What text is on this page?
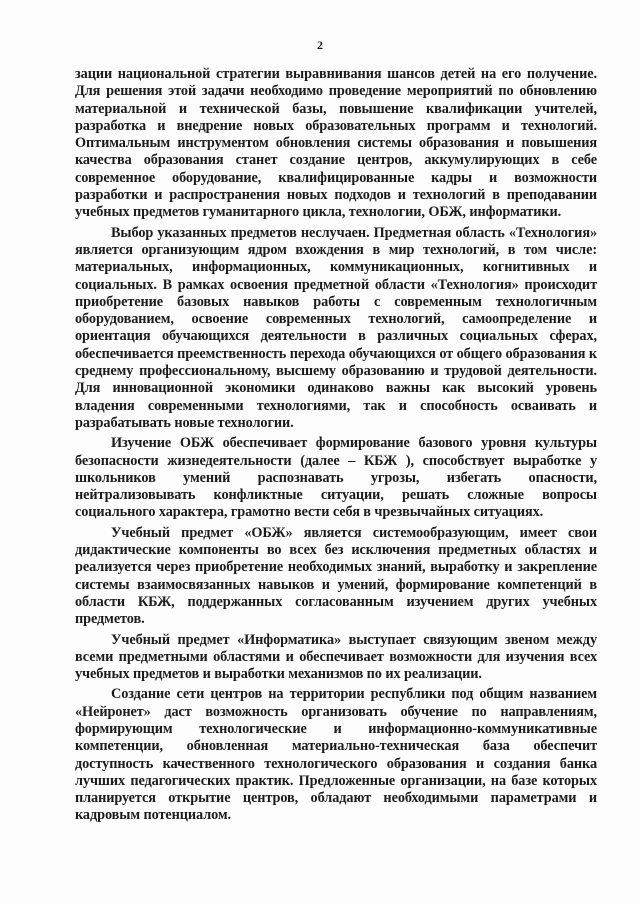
2

зации национальной стратегии выравнивания шансов детей на его получение. Для решения этой задачи необходимо проведение мероприятий по обновлению материальной и технической базы, повышение квалификации учителей, разработка и внедрение новых образовательных программ и технологий. Оптимальным инструментом обновления системы образования и повышения качества образования станет создание центров, аккумулирующих в себе современное оборудование, квалифицированные кадры и возможности разработки и распространения новых подходов и технологий в преподавании учебных предметов гуманитарного цикла, технологии, ОБЖ, информатики.

Выбор указанных предметов неслучаен. Предметная область «Технология» является организующим ядром вхождения в мир технологий, в том числе: материальных, информационных, коммуникационных, когнитивных и социальных. В рамках освоения предметной области «Технология» происходит приобретение базовых навыков работы с современным технологичным оборудованием, освоение современных технологий, самоопределение и ориентация обучающихся деятельности в различных социальных сферах, обеспечивается преемственность перехода обучающихся от общего образования к среднему профессиональному, высшему образованию и трудовой деятельности. Для инновационной экономики одинаково важны как высокий уровень владения современными технологиями, так и способность осваивать и разрабатывать новые технологии.

Изучение ОБЖ обеспечивает формирование базового уровня культуры безопасности жизнедеятельности (далее – КБЖ ), способствует выработке у школьников умений распознавать угрозы, избегать опасности, нейтрализовывать конфликтные ситуации, решать сложные вопросы социального характера, грамотно вести себя в чрезвычайных ситуациях.

Учебный предмет «ОБЖ» является системообразующим, имеет свои дидактические компоненты во всех без исключения предметных областях и реализуется через приобретение необходимых знаний, выработку и закрепление системы взаимосвязанных навыков и умений, формирование компетенций в области КБЖ, поддержанных согласованным изучением других учебных предметов.

Учебный предмет «Информатика» выступает связующим звеном между всеми предметными областями и обеспечивает возможности для изучения всех учебных предметов и выработки механизмов по их реализации.

Создание сети центров на территории республики под общим названием «Нейронет» даст возможность организовать обучение по направлениям, формирующим технологические и информационно-коммуникативные компетенции, обновленная материально-техническая база обеспечит доступность качественного технологического образования и создания банка лучших педагогических практик. Предложенные организации, на базе которых планируется открытие центров, обладают необходимыми параметрами и кадровым потенциалом.
